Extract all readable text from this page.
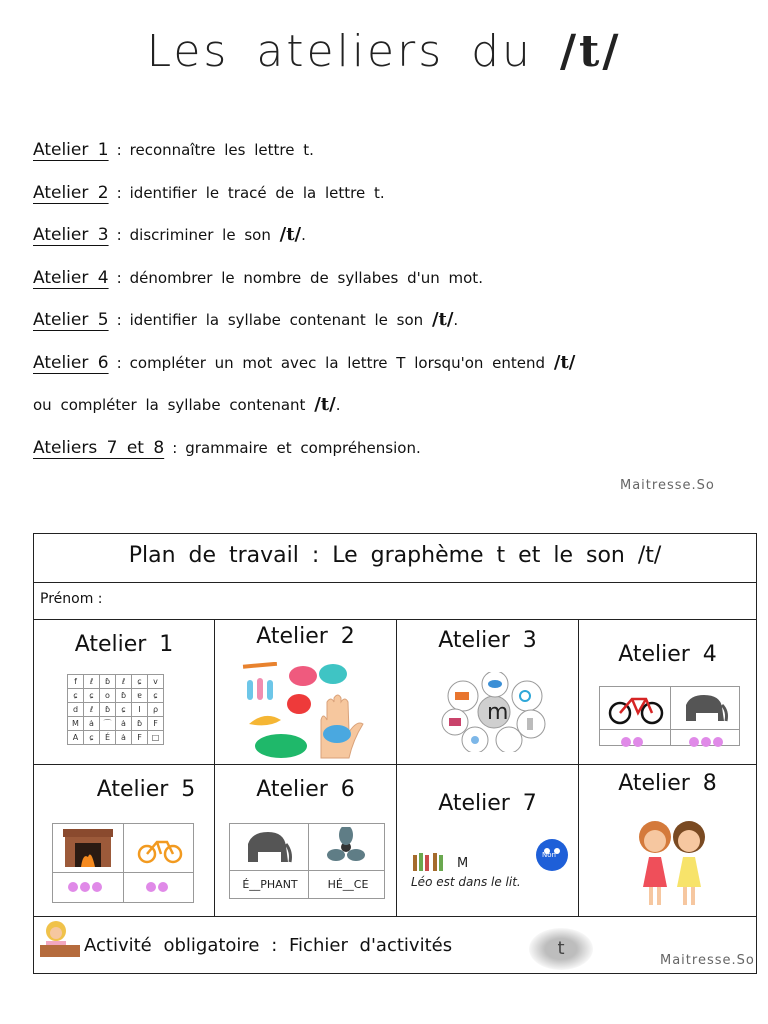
Les ateliers du /t/
Atelier 1 : reconnaître les lettre t.
Atelier 2 : identifier le tracé de la lettre t.
Atelier 3 : discriminer le son /t/.
Atelier 4 : dénombrer le nombre de syllabes d'un mot.
Atelier 5 : identifier la syllabe contenant le son /t/.
Atelier 6 : compléter un mot avec la lettre T lorsqu'on entend /t/
ou compléter la syllabe contenant /t/.
Ateliers 7 et 8 : grammaire et compréhension.
Maitresse.So
Plan de travail : Le graphème t et le son /t/
Prénom :
Atelier 1
f	ℓ	ɓ	ℓ	ɕ	v
ɕ	ɕ	ο	ɓ	ɐ	ɕ
d	ℓ	ɓ	ɕ	I	ρ
M	ȧ	⌒	ȧ	ɓ	F
A	ɕ	É	ȧ	F	□
Atelier 2	Atelier 3
m
Atelier 4
Atelier 5	Atelier 6
É__PHANT	HÉ__CE
Atelier 7
M
Non
Léo est dans le lit.
Atelier 8
Activité obligatoire : Fichier d'activités	t
Maitresse.So
